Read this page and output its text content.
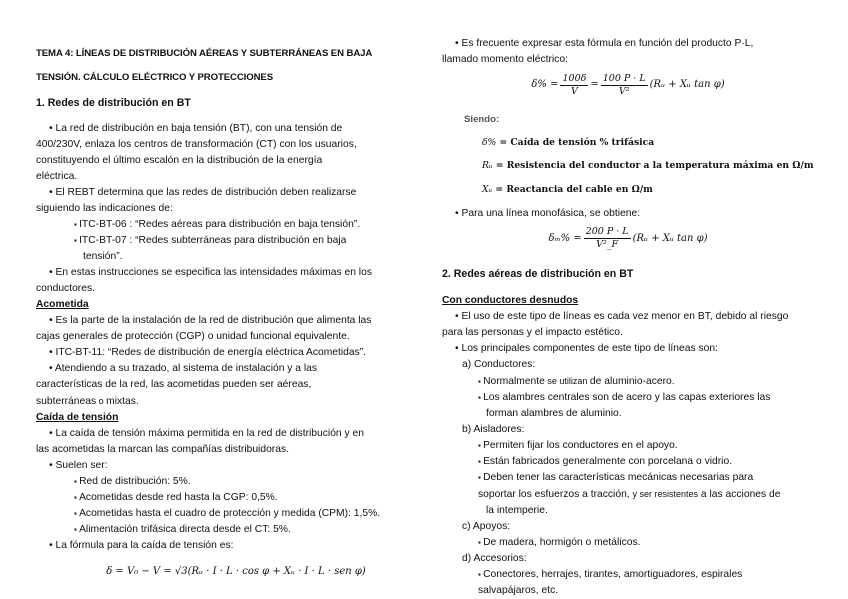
TEMA 4: LÍNEAS DE DISTRIBUCIÓN AÉREAS Y SUBTERRÁNEAS EN BAJA

TENSIÓN. CÁLCULO ELÉCTRICO Y PROTECCIONES

1. Redes de distribución en BT

• La red de distribución en baja tensión (BT), con una tensión de

400/230V, enlaza los centros de transformación (CT) con los usuarios,

constituyendo el último escalón en la distribución de la energía

eléctrica.

• El REBT determina que las redes de distribución deben realizarse

siguiendo las indicaciones de:

▪ ITC-BT-06 : “Redes aéreas para distribución en baja tensión”.

▪ ITC-BT-07 : “Redes subterráneas para distribución en baja

tensión”.

• En estas instrucciones se especifica las intensidades máximas en los

conductores.

Acometida

• Es la parte de la instalación de la red de distribución que alimenta las

cajas generales de protección (CGP) o unidad funcional equivalente.

• ITC-BT-11: “Redes de distribución de energía eléctrica Acometidas”.

• Atendiendo a su trazado, al sistema de instalación y a las

características de la red, las acometidas pueden ser aéreas,

subterráneas o mixtas.

Caída de tensión

• La caída de tensión máxima permitida en la red de distribución y en

las acometidas la marcan las compañías distribuidoras.

• Suelen ser:

▪ Red de distribución: 5%.

▪ Acometidas desde red hasta la CGP: 0,5%.

▪ Acometidas hasta el cuadro de protección y medida (CPM): 1,5%.

▪ Alimentación trifásica directa desde el CT: 5%.

• La fórmula para la caída de tensión es:

δ = V₀ − V = √3(Rᵤ · I · L · cos φ + Xᵤ · I · L · sen φ)

• Es frecuente expresar esta fórmula en función del producto P·L,

llamado momento eléctrico:

$\delta\% = \frac{100\delta}{V} = \frac{100 P \cdot L}{\text{V²}}$ (Rᵤ + Xᵤ tan φ)

Siendo:

δ% = Caída de tensión % trifásica

Rᵤ = Resistencia del conductor a la temperatura máxima en Ω/m

Xᵤ = Reactancia del cable en Ω/m

• Para una línea monofásica, se obtiene:

$\delta_m\% = \frac{200 P \cdot L}{\text{V²\_F}}$ (Rᵤ + Xᵤ tan φ)

2. Redes aéreas de distribución en BT

Con conductores desnudos

• El uso de este tipo de líneas es cada vez menor en BT, debido al riesgo

para las personas y el impacto estético.

• Los principales componentes de este tipo de líneas son:

a) Conductores:

▪ Normalmente se utilizan de aluminio-acero.

▪ Los alambres centrales son de acero y las capas exteriores las

forman alambres de aluminio.

b) Aisladores:

▪ Permiten fijar los conductores en el apoyo.

▪ Están fabricados generalmente con porcelana o vidrio.

▪ Deben tener las características mecánicas necesarias para

soportar los esfuerzos a tracción, y ser resistentes a las acciones de

la intemperie.

c) Apoyos:

▪ De madera, hormigón o metálicos.

d) Accesorios:

▪ Conectores, herrajes, tirantes, amortiguadores, espirales

salvapájaros, etc.
